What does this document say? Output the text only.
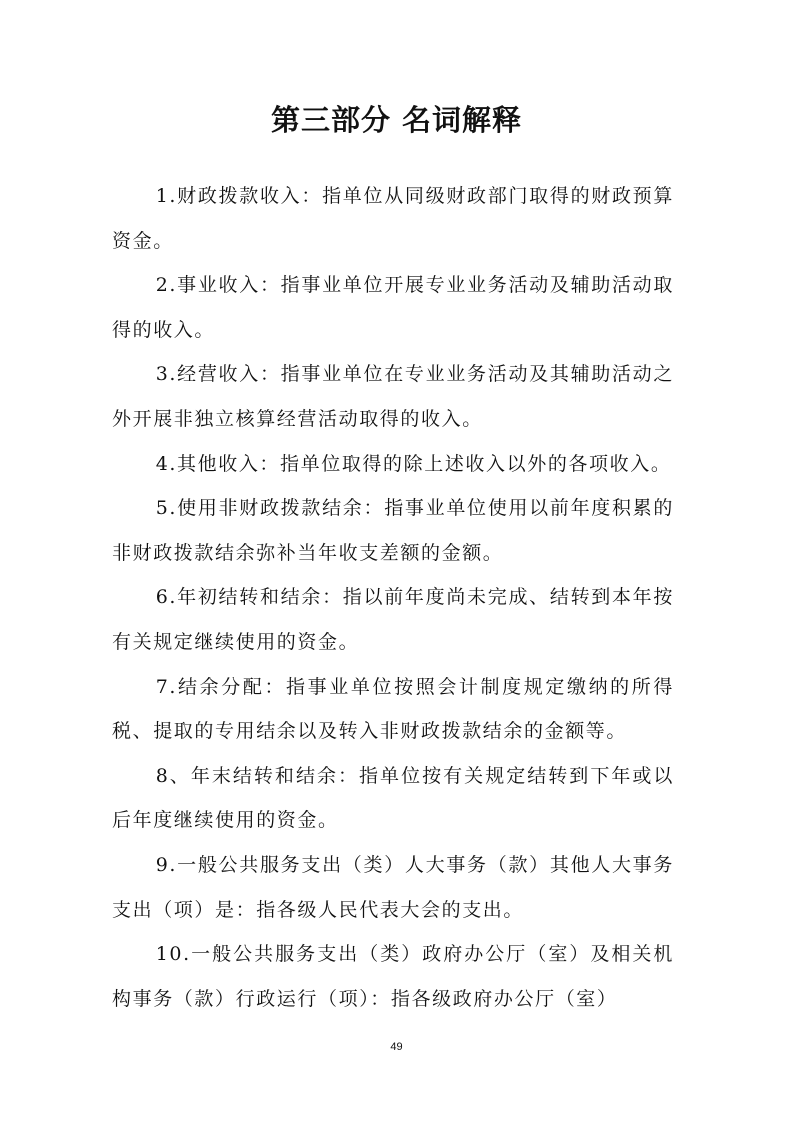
第三部分 名词解释

1.财政拨款收入：指单位从同级财政部门取得的财政预算资金。

2.事业收入：指事业单位开展专业业务活动及辅助活动取得的收入。

3.经营收入：指事业单位在专业业务活动及其辅助活动之外开展非独立核算经营活动取得的收入。

4.其他收入：指单位取得的除上述收入以外的各项收入。

5.使用非财政拨款结余：指事业单位使用以前年度积累的非财政拨款结余弥补当年收支差额的金额。

6.年初结转和结余：指以前年度尚未完成、结转到本年按有关规定继续使用的资金。

7.结余分配：指事业单位按照会计制度规定缴纳的所得税、提取的专用结余以及转入非财政拨款结余的金额等。

8、年末结转和结余：指单位按有关规定结转到下年或以后年度继续使用的资金。

9.一般公共服务支出（类）人大事务（款）其他人大事务支出（项）是：指各级人民代表大会的支出。

10.一般公共服务支出（类）政府办公厅（室）及相关机构事务（款）行政运行（项）：指各级政府办公厅（室）

49
